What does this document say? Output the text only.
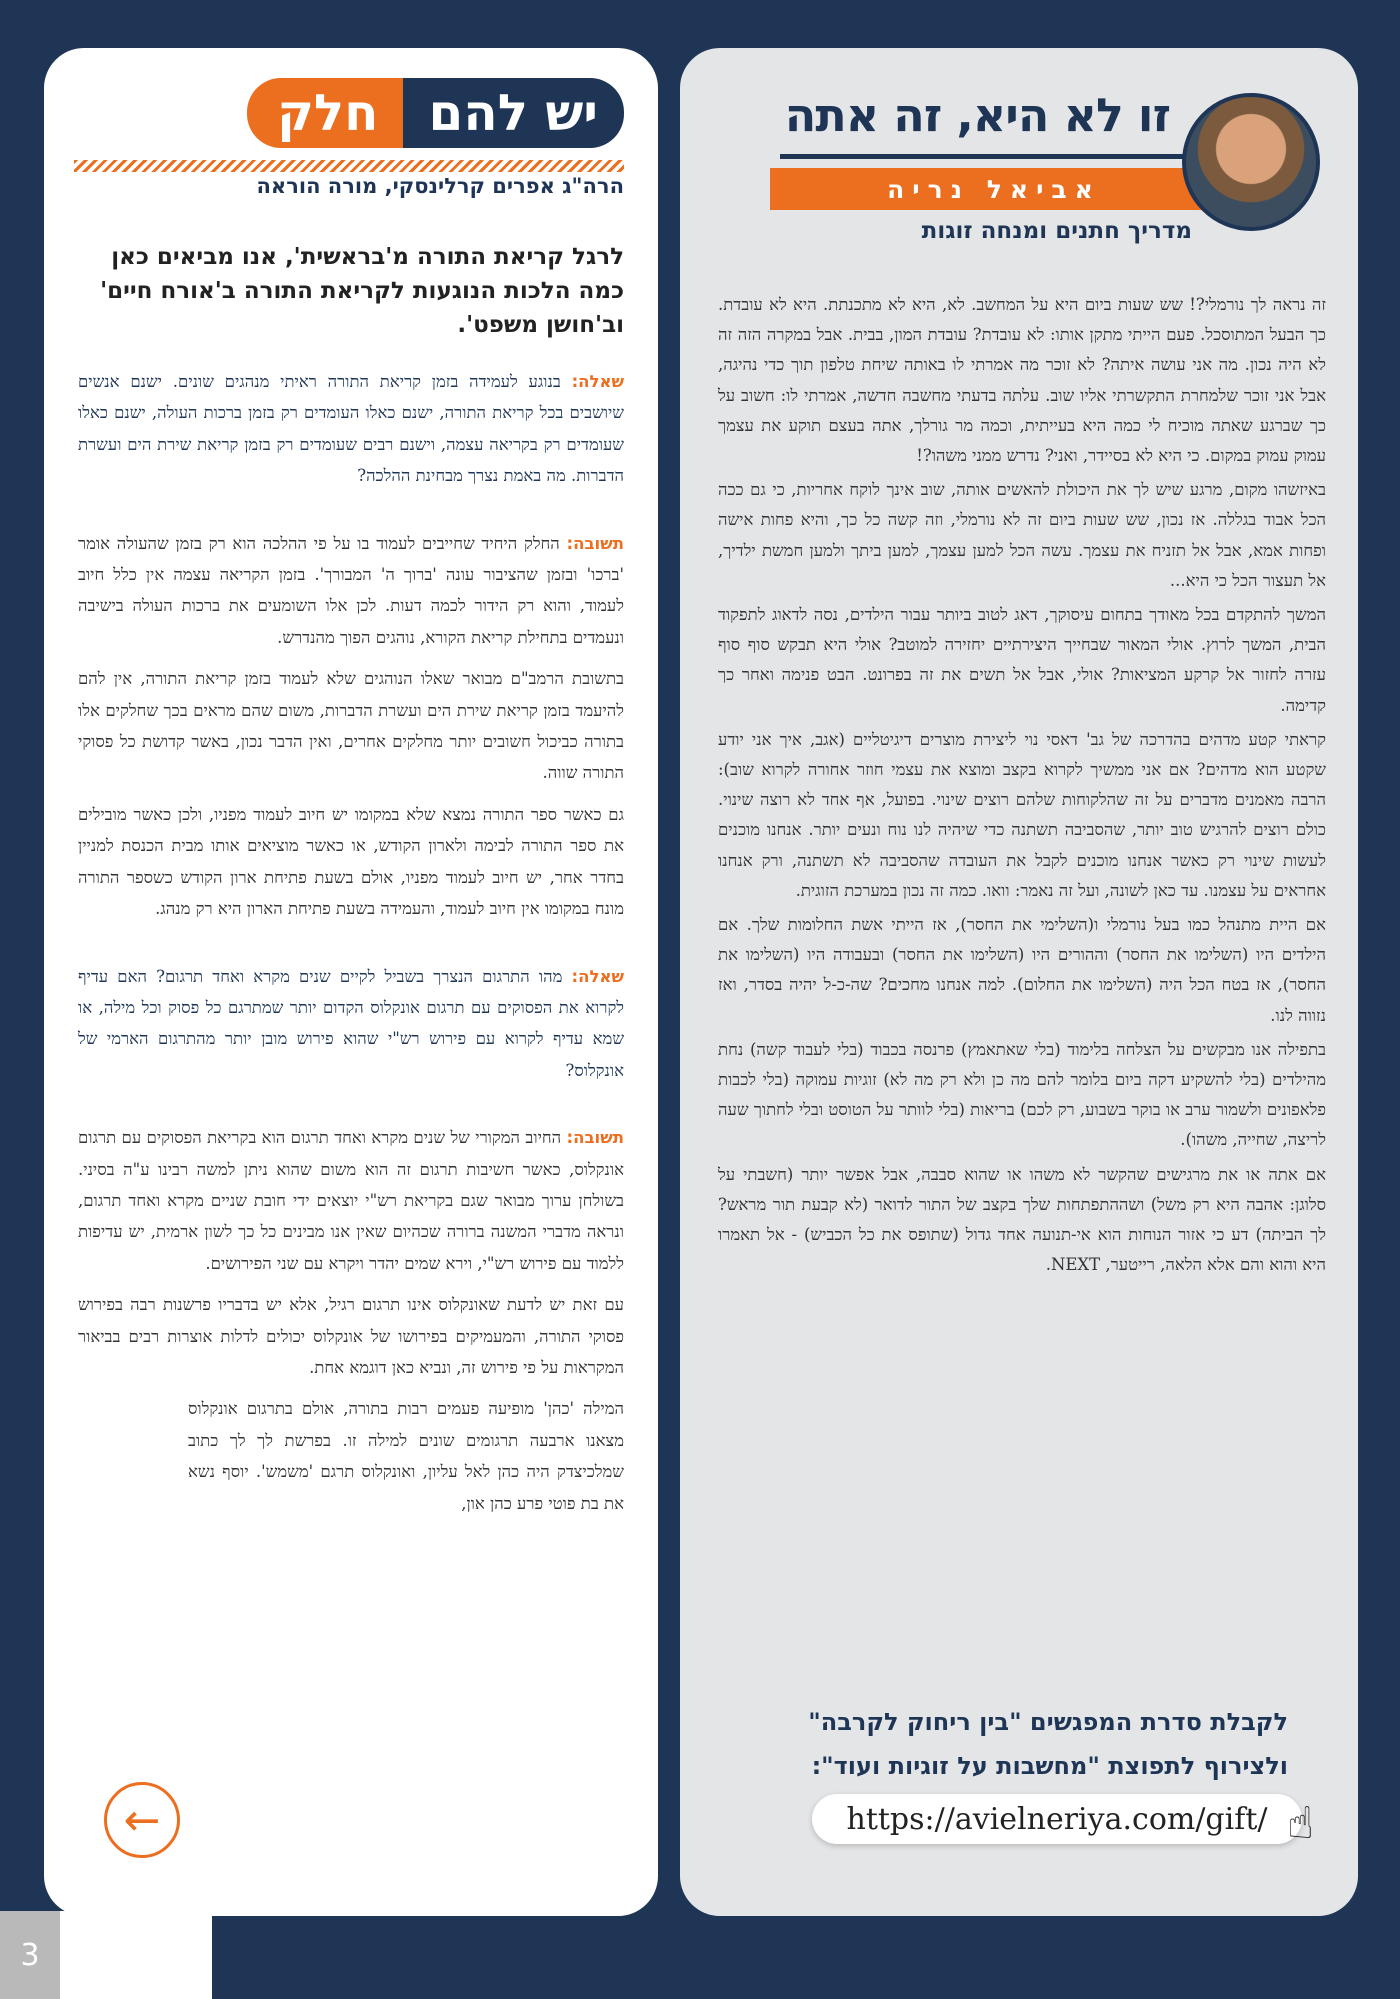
3
יש להם
חלק
הרה"ג אפרים קרלינסקי, מורה הוראה
לרגל קריאת התורה מ'בראשית', אנו מביאים כאן כמה הלכות הנוגעות לקריאת התורה ב'אורח חיים' וב'חושן משפט'.

שאלה: בנוגע לעמידה בזמן קריאת התורה ראיתי מנהגים שונים. ישנם אנשים שיושבים בכל קריאת התורה, ישנם כאלו העומדים רק בזמן ברכות העולה, ישנם כאלו שעומדים רק בקריאה עצמה, וישנם רבים שעומדים רק בזמן קריאת שירת הים ועשרת הדברות. מה באמת נצרך מבחינת ההלכה?

תשובה: החלק היחיד שחייבים לעמוד בו על פי ההלכה הוא רק בזמן שהעולה אומר 'ברכו' ובזמן שהציבור עונה 'ברוך ה' המבורך'. בזמן הקריאה עצמה אין כלל חיוב לעמוד, והוא רק הידור לכמה דעות. לכן אלו השומעים את ברכות העולה בישיבה ונעמדים בתחילת קריאת הקורא, נוהגים הפוך מהנדרש.

בתשובת הרמב"ם מבואר שאלו הנוהגים שלא לעמוד בזמן קריאת התורה, אין להם להיעמד בזמן קריאת שירת הים ועשרת הדברות, משום שהם מראים בכך שחלקים אלו בתורה כביכול חשובים יותר מחלקים אחרים, ואין הדבר נכון, באשר קדושת כל פסוקי התורה שווה.

גם כאשר ספר התורה נמצא שלא במקומו יש חיוב לעמוד מפניו, ולכן כאשר מובילים את ספר התורה לבימה ולארון הקודש, או כאשר מוציאים אותו מבית הכנסת למניין בחדר אחר, יש חיוב לעמוד מפניו, אולם בשעת פתיחת ארון הקודש כשספר התורה מונח במקומו אין חיוב לעמוד, והעמידה בשעת פתיחת הארון היא רק מנהג.

שאלה: מהו התרגום הנצרך בשביל לקיים שנים מקרא ואחד תרגום? האם עדיף לקרוא את הפסוקים עם תרגום אונקלוס הקדום יותר שמתרגם כל פסוק וכל מילה, או שמא עדיף לקרוא עם פירוש רש"י שהוא פירוש מובן יותר מהתרגום הארמי של אונקלוס?

תשובה: החיוב המקורי של שנים מקרא ואחד תרגום הוא בקריאת הפסוקים עם תרגום אונקלוס, כאשר חשיבות תרגום זה הוא משום שהוא ניתן למשה רבינו ע"ה בסיני. בשולחן ערוך מבואר שגם בקריאת רש"י יוצאים ידי חובת שניים מקרא ואחד תרגום, ונראה מדברי המשנה ברורה שכהיום שאין אנו מבינים כל כך לשון ארמית, יש עדיפות ללמוד עם פירוש רש"י, וירא שמים יהדר ויקרא עם שני הפירושים.

עם זאת יש לדעת שאונקלוס אינו תרגום רגיל, אלא יש בדבריו פרשנות רבה בפירוש פסוקי התורה, והמעמיקים בפירושו של אונקלוס יכולים לדלות אוצרות רבים בביאור המקראות על פי פירוש זה, ונביא כאן דוגמא אחת.

המילה 'כהן' מופיעה פעמים רבות בתורה, אולם בתרגום אונקלוס מצאנו ארבעה תרגומים שונים למילה זו. בפרשת לך לך כתוב שמלכיצדק היה כהן לאל עליון, ואונקלוס תרגם 'משמש'. יוסף נשא את בת פוטי פרע כהן און,

←
זו לא היא, זה אתה
אביאל נריה
מדריך חתנים ומנחה זוגות

זה נראה לך נורמלי?! שש שעות ביום היא על המחשב. לא, היא לא מתכנתת. היא לא עובדת. כך הבעל המתוסכל. פעם הייתי מתקן אותו: לא עובדת? עובדת המון, בבית. אבל במקרה הזה זה לא היה נכון. מה אני עושה איתה? לא זוכר מה אמרתי לו באותה שיחת טלפון תוך כדי נהיגה, אבל אני זוכר שלמחרת התקשרתי אליו שוב. עלתה בדעתי מחשבה חדשה, אמרתי לו: חשוב על כך שברגע שאתה מוכיח לי כמה היא בעייתית, וכמה מר גורלך, אתה בעצם תוקע את עצמך עמוק עמוק במקום. כי היא לא בסיידר, ואני? נדרש ממני משהו?!

באיזשהו מקום, מרגע שיש לך את היכולת להאשים אותה, שוב אינך לוקח אחריות, כי גם ככה הכל אבוד בגללה. אז נכון, שש שעות ביום זה לא נורמלי, וזה קשה כל כך, והיא פחות אישה ופחות אמא, אבל אל תזניח את עצמך. עשה הכל למען עצמך, למען ביתך ולמען חמשת ילדיך, אל תעצור הכל כי היא...

המשך להתקדם בכל מאודך בתחום עיסוקך, דאג לטוב ביותר עבור הילדים, נסה לדאוג לתפקוד הבית, המשך לרוץ. אולי המאור שבחייך היצירתיים יחזירה למוטב? אולי היא תבקש סוף סוף עזרה לחזור אל קרקע המציאות? אולי, אבל אל תשים את זה בפרונט. הבט פנימה ואחר כך קדימה.

קראתי קטע מדהים בהדרכה של גב' דאסי נוי ליצירת מוצרים דיגיטליים (אגב, איך אני יודע שקטע הוא מדהים? אם אני ממשיך לקרוא בקצב ומוצא את עצמי חוזר אחורה לקרוא שוב): הרבה מאמנים מדברים על זה שהלקוחות שלהם רוצים שינוי. בפועל, אף אחד לא רוצה שינוי. כולם רוצים להרגיש טוב יותר, שהסביבה תשתנה כדי שיהיה לנו נוח ונעים יותר. אנחנו מוכנים לעשות שינוי רק כאשר אנחנו מוכנים לקבל את העובדה שהסביבה לא תשתנה, ורק אנחנו אחראים על עצמנו. עד כאן לשונה, ועל זה נאמר: וואו. כמה זה נכון במערכת הזוגית.

אם היית מתנהל כמו בעל נורמלי ו(השלימי את החסר), אז הייתי אשת החלומות שלך. אם הילדים היו (השלימו את החסר) וההורים היו (השלימו את החסר) ובעבודה היו (השלימו את החסר), אז בטח הכל היה (השלימו את החלום). למה אנחנו מחכים? שה-כ-ל יהיה בסדר, ואז נזווה לנו.

בתפילה אנו מבקשים על הצלחה בלימוד (בלי שאתאמץ) פרנסה בכבוד (בלי לעבוד קשה) נחת מהילדים (בלי להשקיע דקה ביום בלומר להם מה כן ולא רק מה לא) זוגיות עמוקה (בלי לכבות פלאפונים ולשמור ערב או בוקר בשבוע, רק לכם) בריאות (בלי לוותר על הטוסט ובלי לחתוך שעה לריצה, שחייה, משהו).

אם אתה או את מרגישים שהקשר לא משהו או שהוא סבבה, אבל אפשר יותר (חשבתי על סלוגן: אהבה היא רק משל) ושההתפתחות שלך בקצב של התור לדואר (לא קבעת תור מראש? לך הביתה) דע כי אזור הנוחות הוא אי-תנועה אחד גדול (שתופס את כל הכביש) - אל תאמרו היא והוא והם אלא הלאה, רייטער, NEXT.

לקבלת סדרת המפגשים "בין ריחוק לקרבה"
ולצירוף לתפוצת "מחשבות על זוגיות ועוד":
https://avielneriya.com/gift/ ☝
